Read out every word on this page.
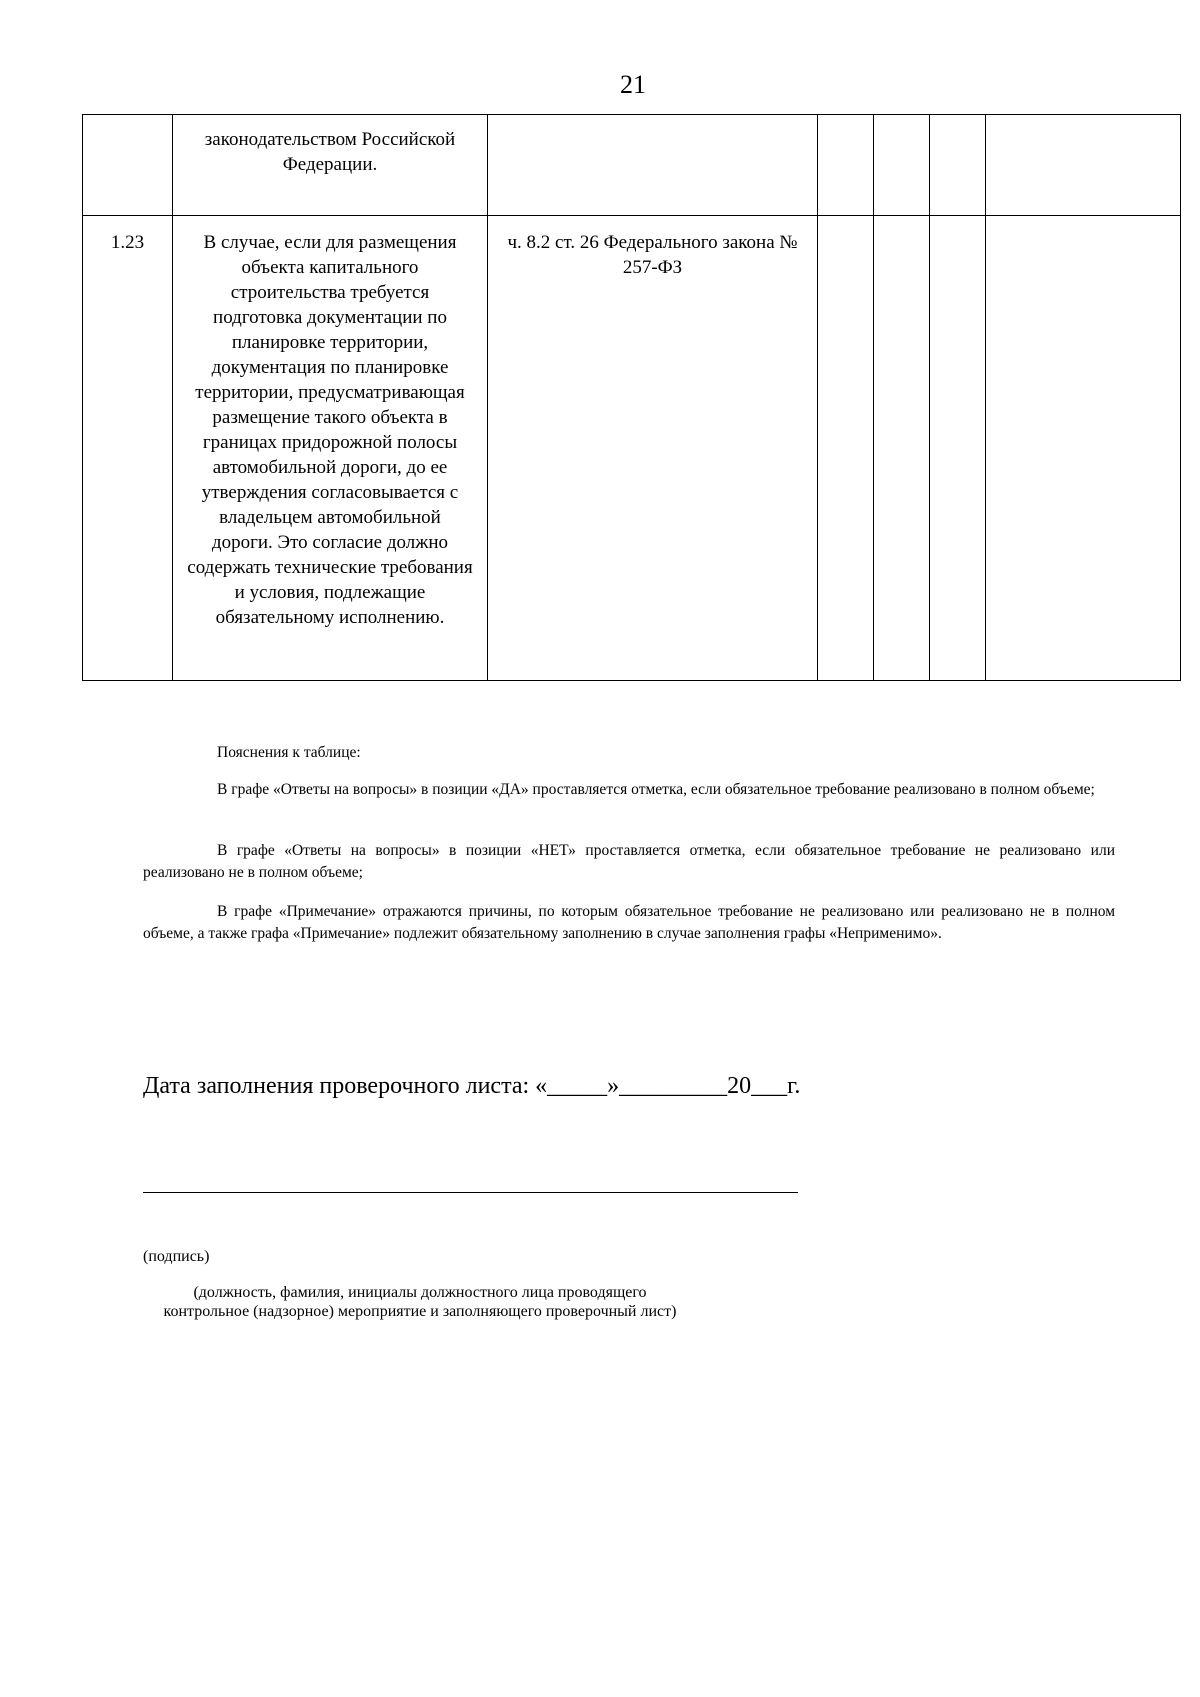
21
	законодательством Российской Федерации.					
1.23	В случае, если для размещения объекта капитального строительства требуется подготовка документации по планировке территории, документация по планировке территории, предусматривающая размещение такого объекта в границах придорожной полосы автомобильной дороги, до ее утверждения согласовывается с владельцем автомобильной дороги. Это согласие должно содержать технические требования и условия, подлежащие обязательному исполнению.	ч. 8.2 ст. 26 Федерального закона № 257-ФЗ				
Пояснения к таблице:

В графе «Ответы на вопросы» в позиции «ДА» проставляется отметка, если обязательное требование реализовано в полном объеме;

В графе «Ответы на вопросы» в позиции «НЕТ» проставляется отметка, если обязательное требование не реализовано или реализовано не в полном объеме;

В графе «Примечание» отражаются причины, по которым обязательное требование не реализовано или реализовано не в полном объеме, а также графа «Примечание» подлежит обязательному заполнению в случае заполнения графы «Неприменимо».

Дата заполнения проверочного листа: «_____»_________20___г.
(подпись)
(должность, фамилия, инициалы должностного лица проводящего контрольное (надзорное) мероприятие и заполняющего проверочный лист)
